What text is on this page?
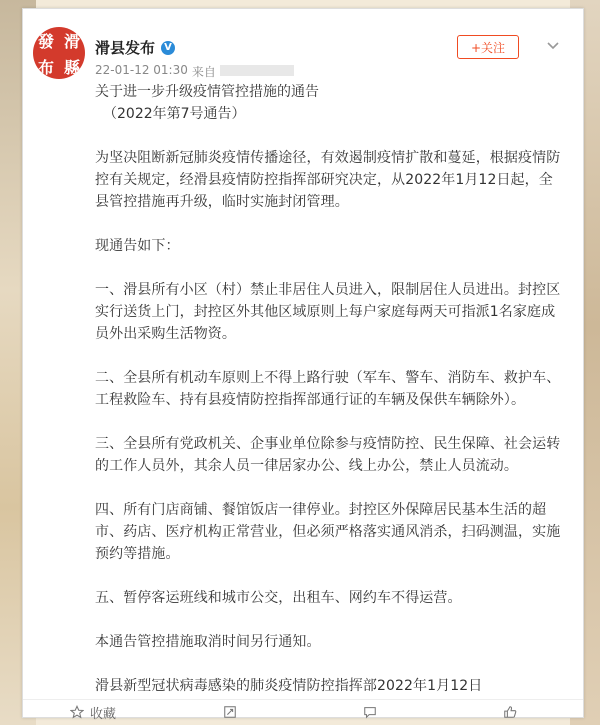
發 滑
布 縣
滑县发布 V
22-01-12 01:30 来自
+关注

关于进一步升级疫情管控措施的通告

（2022年第7号通告）

为坚决阻断新冠肺炎疫情传播途径，有效遏制疫情扩散和蔓延，根据疫情防控有关规定，经滑县疫情防控指挥部研究决定，从2022年1月12日起，全县管控措施再升级，临时实施封闭管理。

现通告如下：

一、滑县所有小区（村）禁止非居住人员进入，限制居住人员进出。封控区实行送货上门，封控区外其他区域原则上每户家庭每两天可指派1名家庭成员外出采购生活物资。

二、全县所有机动车原则上不得上路行驶（军车、警车、消防车、救护车、工程救险车、持有县疫情防控指挥部通行证的车辆及保供车辆除外）。

三、全县所有党政机关、企事业单位除参与疫情防控、民生保障、社会运转的工作人员外，其余人员一律居家办公、线上办公，禁止人员流动。

四、所有门店商铺、餐馆饭店一律停业。封控区外保障居民基本生活的超市、药店、医疗机构正常营业，但必须严格落实通风消杀，扫码测温，实施预约等措施。

五、暂停客运班线和城市公交，出租车、网约车不得运营。

本通告管控措施取消时间另行通知。

滑县新型冠状病毒感染的肺炎疫情防控指挥部2022年1月12日

收藏
